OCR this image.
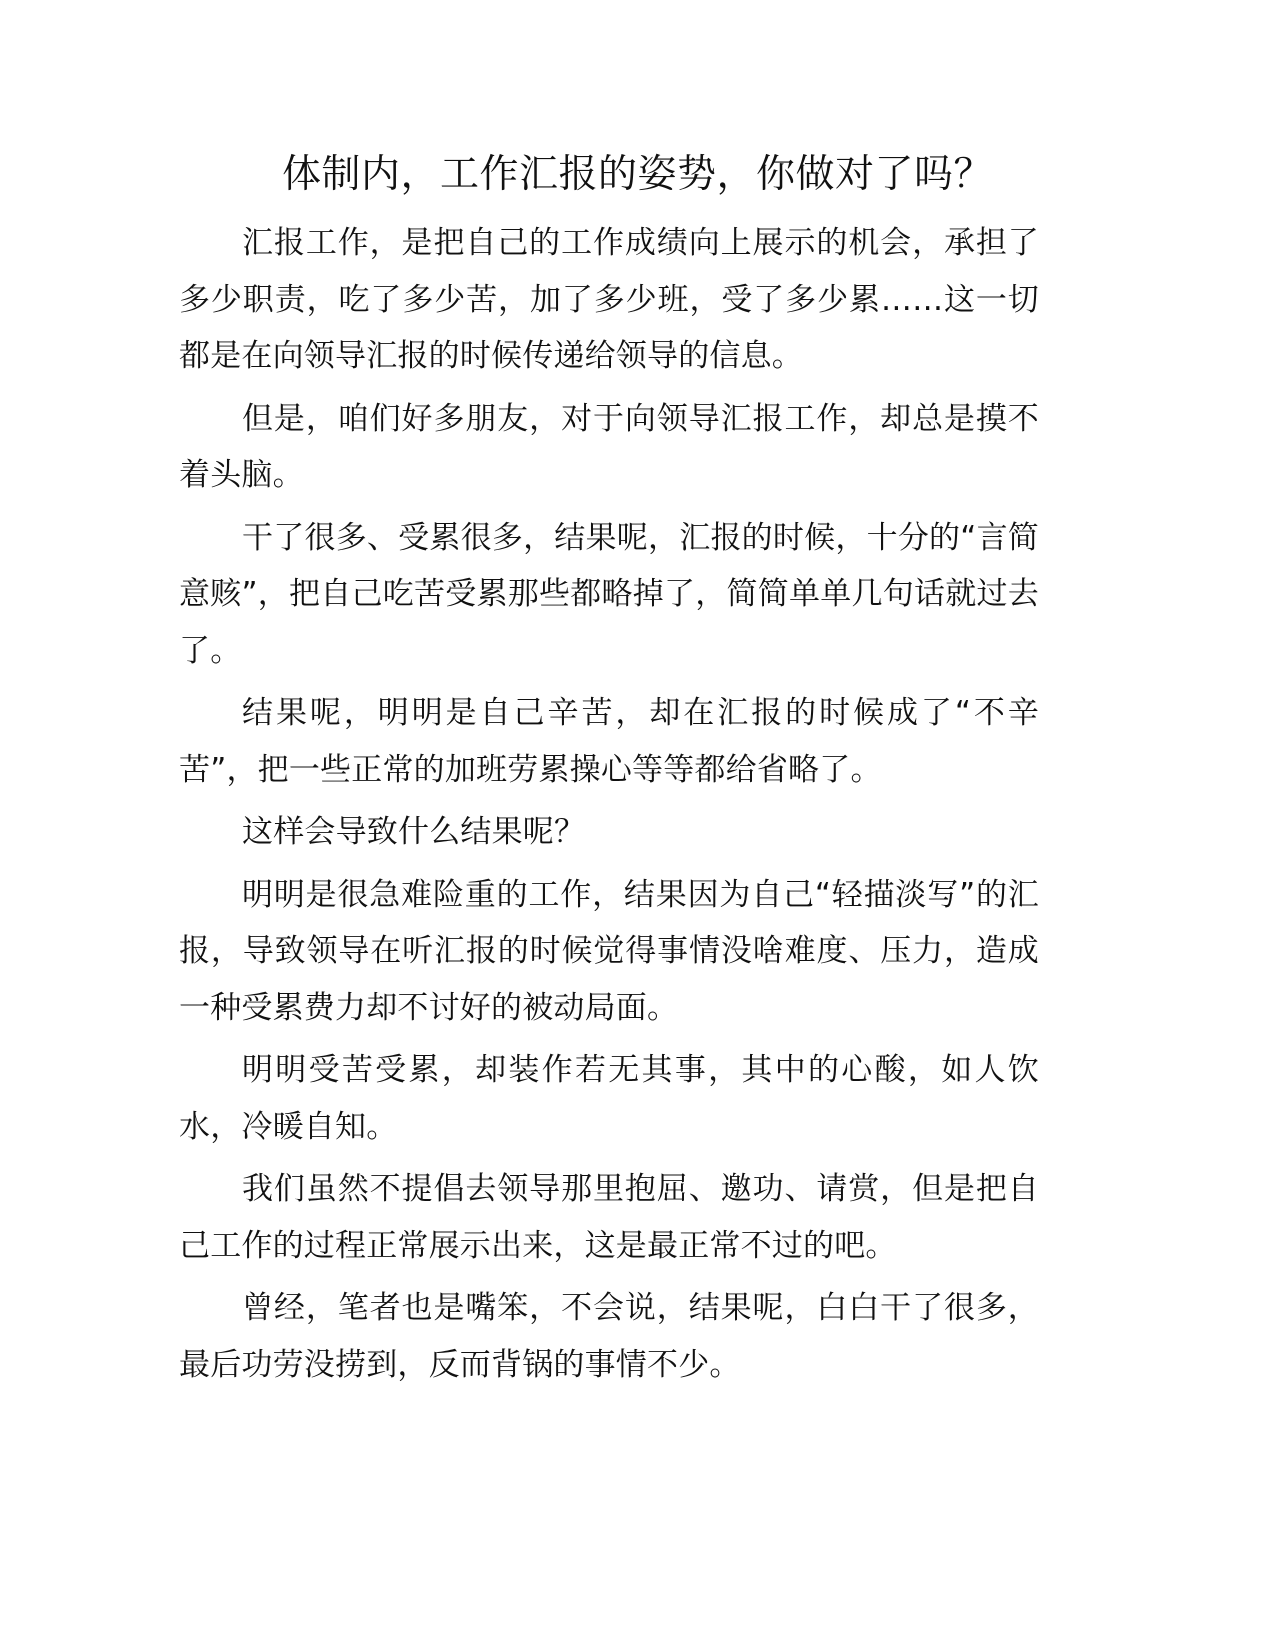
体制内，工作汇报的姿势，你做对了吗？

汇报工作，是把自己的工作成绩向上展示的机会，承担了多少职责，吃了多少苦，加了多少班，受了多少累……这一切都是在向领导汇报的时候传递给领导的信息。

但是，咱们好多朋友，对于向领导汇报工作，却总是摸不着头脑。

干了很多、受累很多，结果呢，汇报的时候，十分的“言简意赅”，把自己吃苦受累那些都略掉了，简简单单几句话就过去了。

结果呢，明明是自己辛苦，却在汇报的时候成了“不辛苦”，把一些正常的加班劳累操心等等都给省略了。

这样会导致什么结果呢？

明明是很急难险重的工作，结果因为自己“轻描淡写”的汇报，导致领导在听汇报的时候觉得事情没啥难度、压力，造成一种受累费力却不讨好的被动局面。

明明受苦受累，却装作若无其事，其中的心酸，如人饮水，冷暖自知。

我们虽然不提倡去领导那里抱屈、邀功、请赏，但是把自己工作的过程正常展示出来，这是最正常不过的吧。

曾经，笔者也是嘴笨，不会说，结果呢，白白干了很多，最后功劳没捞到，反而背锅的事情不少。
